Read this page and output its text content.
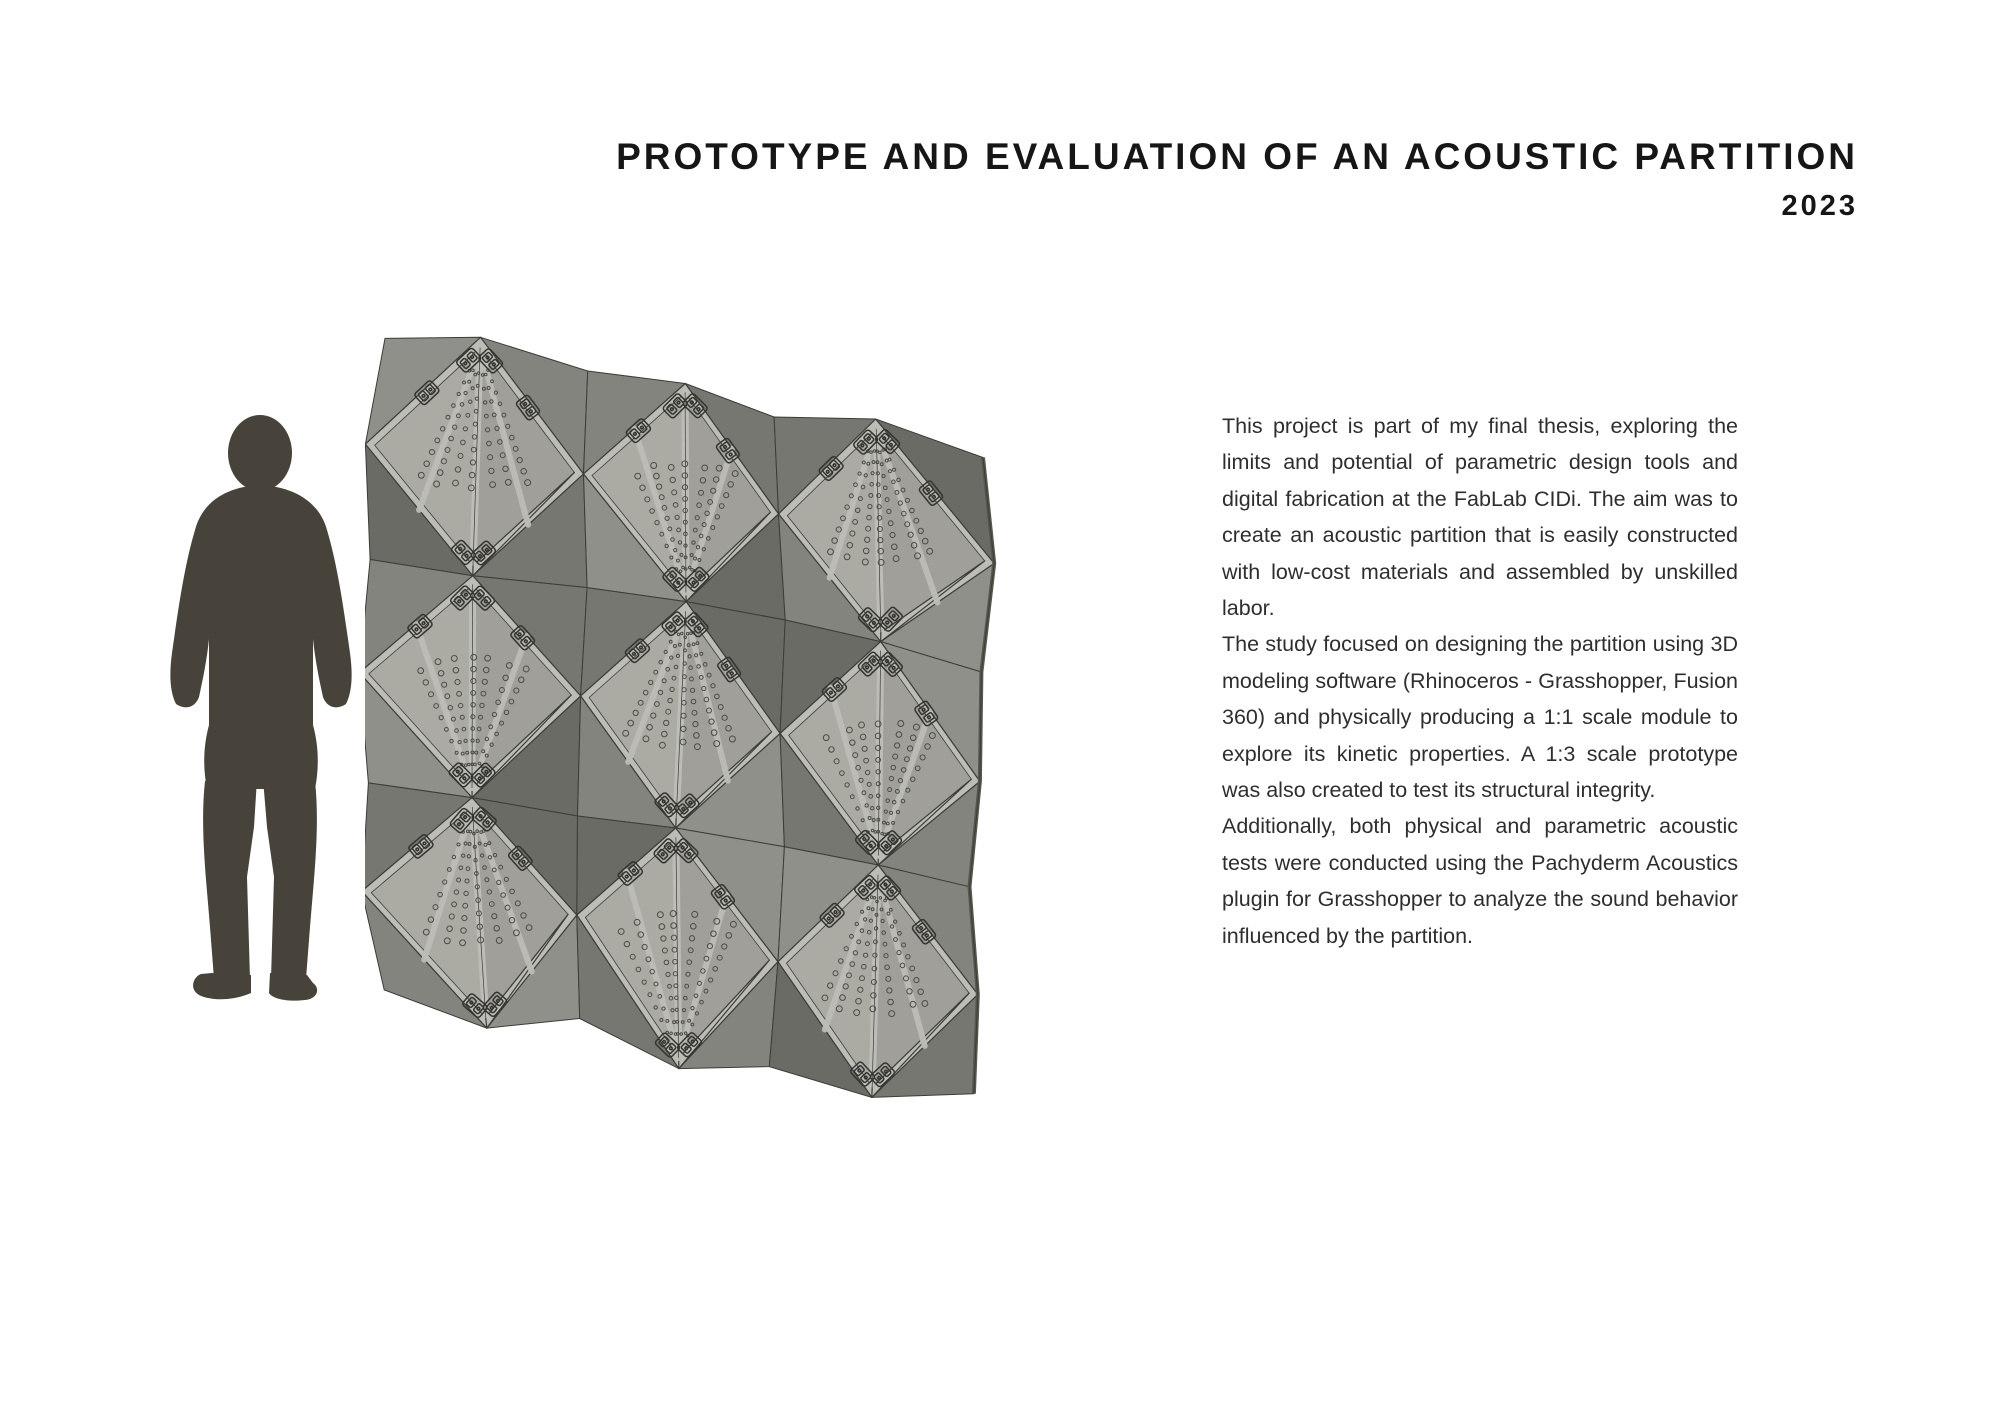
PROTOTYPE AND EVALUATION OF AN ACOUSTIC PARTITION
2023

This project is part of my final thesis, exploring the limits and potential of parametric design tools and digital fabrication at the FabLab CIDi. The aim was to create an acoustic partition that is easily constructed with low-cost materials and assembled by unskilled labor.

The study focused on designing the partition using 3D modeling software (Rhinoceros - Grasshopper, Fusion 360) and physically producing a 1:1 scale module to explore its kinetic properties. A 1:3 scale prototype was also created to test its structural integrity.

Additionally, both physical and parametric acoustic tests were conducted using the Pachyderm Acoustics plugin for Grasshopper to analyze the sound behavior influenced by the partition.
